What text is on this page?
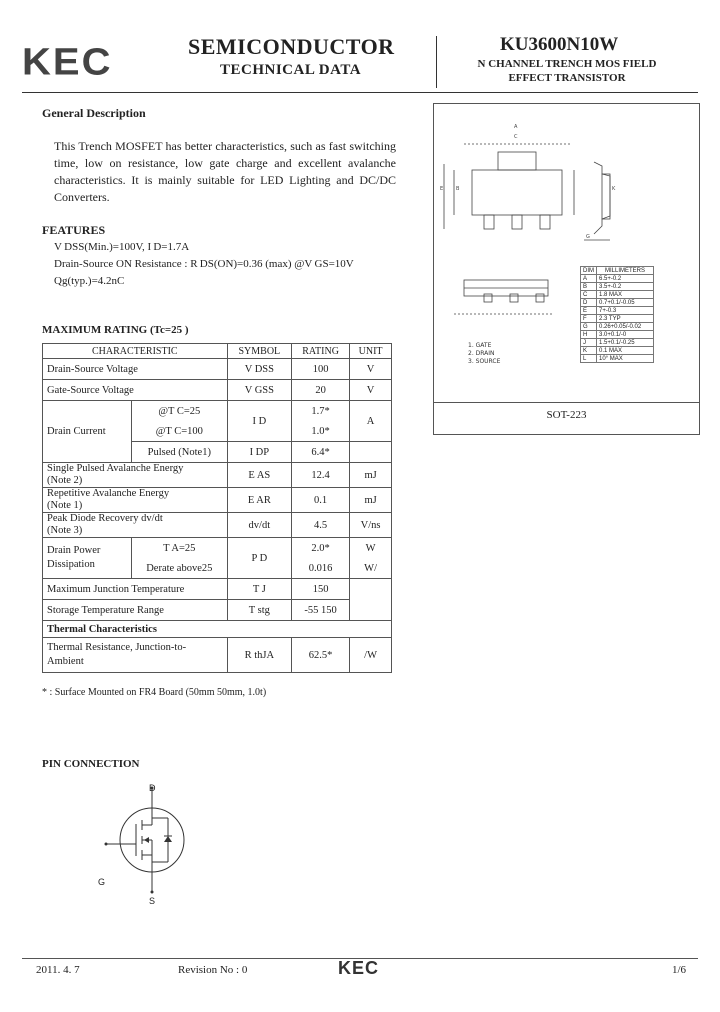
KEC	SEMICONDUCTOR
TECHNICAL DATA
KU3600N10W
N CHANNEL TRENCH MOS FIELD
EFFECT TRANSISTOR
General Description
This Trench MOSFET has better characteristics, such as fast switching time, low on resistance, low gate charge and excellent avalanche characteristics. It is mainly suitable for LED Lighting and DC/DC Converters.
FEATURES
V DSS(Min.)=100V, I D=1.7A
Drain-Source ON Resistance : R DS(ON)=0.36 (max) @V GS=10V
Qg(typ.)=4.2nC
MAXIMUM RATING (Tc=25 )
CHARACTERISTIC		SYMBOL	RATING	UNIT
Drain-Source Voltage		V DSS	100	V
Gate-Source Voltage		V GSS	20	V
Drain Current	@T C=25	I D	1.7*	A
	@T C=100		1.0*	
	Pulsed (Note1)	I DP	6.4*	
Single Pulsed Avalanche Energy
(Note 2)		E AS	12.4	mJ
Repetitive Avalanche Energy
(Note 1)		E AR	0.1	mJ
Peak Diode Recovery dv/dt
(Note 3)		dv/dt	4.5	V/ns
Drain Power
Dissipation	T A=25	P D	2.0*	W
	Derate above25		0.016	W/
Maximum Junction Temperature		T J	150	
Storage Temperature Range		T stg	-55 150	
Thermal Characteristics				
Thermal Resistance, Junction-to-
Ambient		R thJA	62.5*	/W
* : Surface Mounted on FR4 Board (50mm 50mm, 1.0t)
A
C
E	B	K
G
1. GATE
2. DRAIN
3. SOURCE
DIM	MILLIMETERS
A	6.5+-0.2
B	3.5+-0.2
C	1.8 MAX
D	0.7+0.1/-0.05
E	7+-0.3
F	2.3 TYP
G	0.26+0.05/-0.02
H	3.0+0.1/-0
J	1.5+0.1/-0.25
K	0.1 MAX
L	10° MAX
SOT-223
PIN CONNECTION
D
G
S
2011. 4. 7	Revision No : 0	KEC	1/6
